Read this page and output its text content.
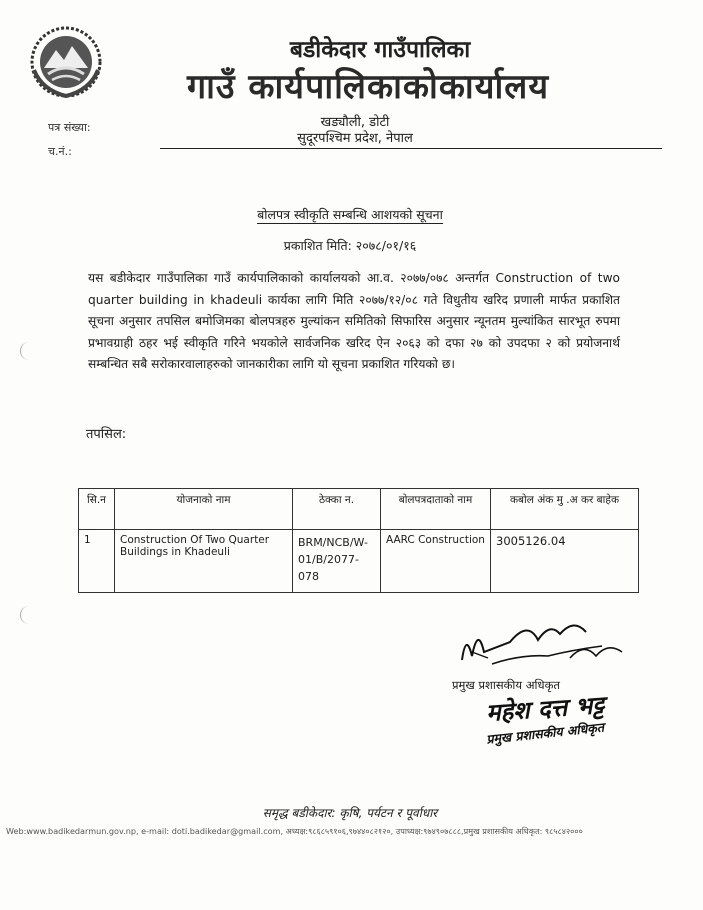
बडीकेदार गाउँपालिका
गाउँ कार्यपालिकाकोकार्यालय
खड्यौली, डोटी
सुदूरपश्चिम प्रदेश, नेपाल
पत्र संख्या:
च.नं.:
बोलपत्र स्वीकृति सम्बन्धि आशयको सूचना
प्रकाशित मिति: २०७८/०१/१६
यस बडीकेदार गाउँपालिका गाउँ कार्यपालिकाको कार्यालयको आ.व. २०७७/०७८ अन्तर्गत Construction of two quarter building in khadeuli कार्यका लागि मिति २०७७/१२/०८ गते विधुतीय खरिद प्रणाली मार्फत प्रकाशित सूचना अनुसार तपसिल बमोजिमका बोलपत्रहरु मुल्यांकन समितिको सिफारिस अनुसार न्यूनतम मुल्यांकित सारभूत रुपमा प्रभावग्राही ठहर भई स्वीकृति गरिने भयकोले सार्वजनिक खरिद ऐन २०६३ को दफा २७ को उपदफा २ को प्रयोजनार्थ सम्बन्धित सबै सरोकारवालाहरुको जानकारीका लागि यो सूचना प्रकाशित गरियको छ।
तपसिल:
सि.न	योजनाको नाम	ठेक्का न.	बोलपत्रदाताको नाम	कबोल अंक मु .अ कर बाहेक
1	Construction Of Two Quarter Buildings in Khadeuli	BRM/NCB/W-01/B/2077-078	AARC Construction	3005126.04
प्रमुख प्रशासकीय अधिकृत
महेश दत्त भट्ट
प्रमुख प्रशासकीय अधिकृत
समृद्ध बडीकेदार: कृषि, पर्यटन र पूर्वाधार
Web:www.badikedarmun.gov.np, e-mail: doti.badikedar@gmail.com, अध्यक्ष:९८६८५९१०६,९७४४०८२१२०, उपाध्यक्ष:९७४९०७८८८,प्रमुख प्रशासकीय अधिकृत: ९८५८४२०००
